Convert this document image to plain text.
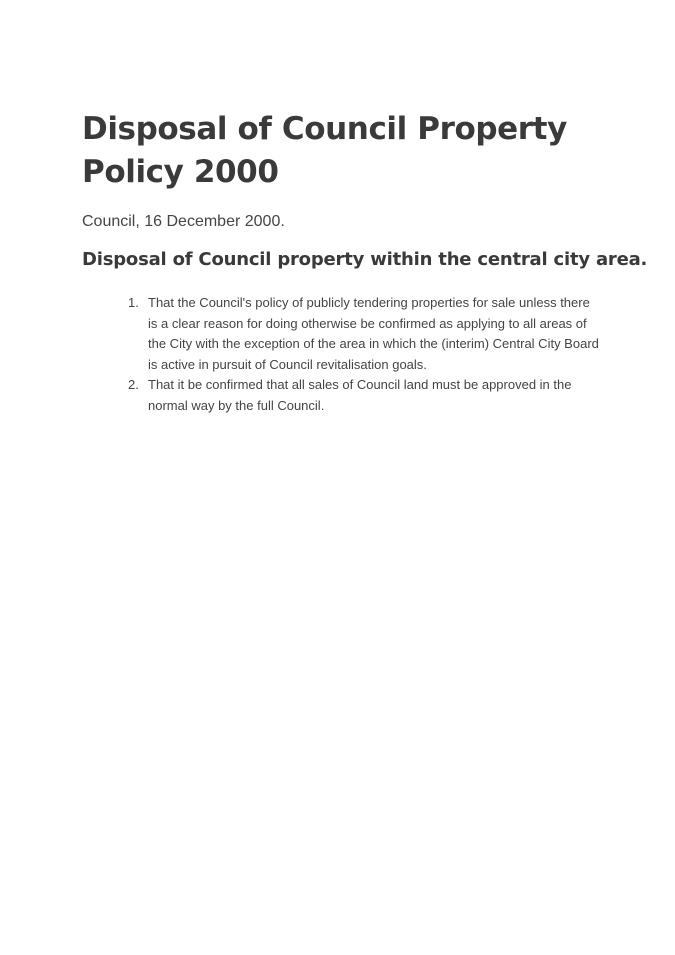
Disposal of Council Property
Policy 2000

Council, 16 December 2000.

Disposal of Council property within the central city area.
1. That the Council's policy of publicly tendering properties for sale unless there is a clear reason for doing otherwise be confirmed as applying to all areas of the City with the exception of the area in which the (interim) Central City Board is active in pursuit of Council revitalisation goals.
2. That it be confirmed that all sales of Council land must be approved in the normal way by the full Council.
